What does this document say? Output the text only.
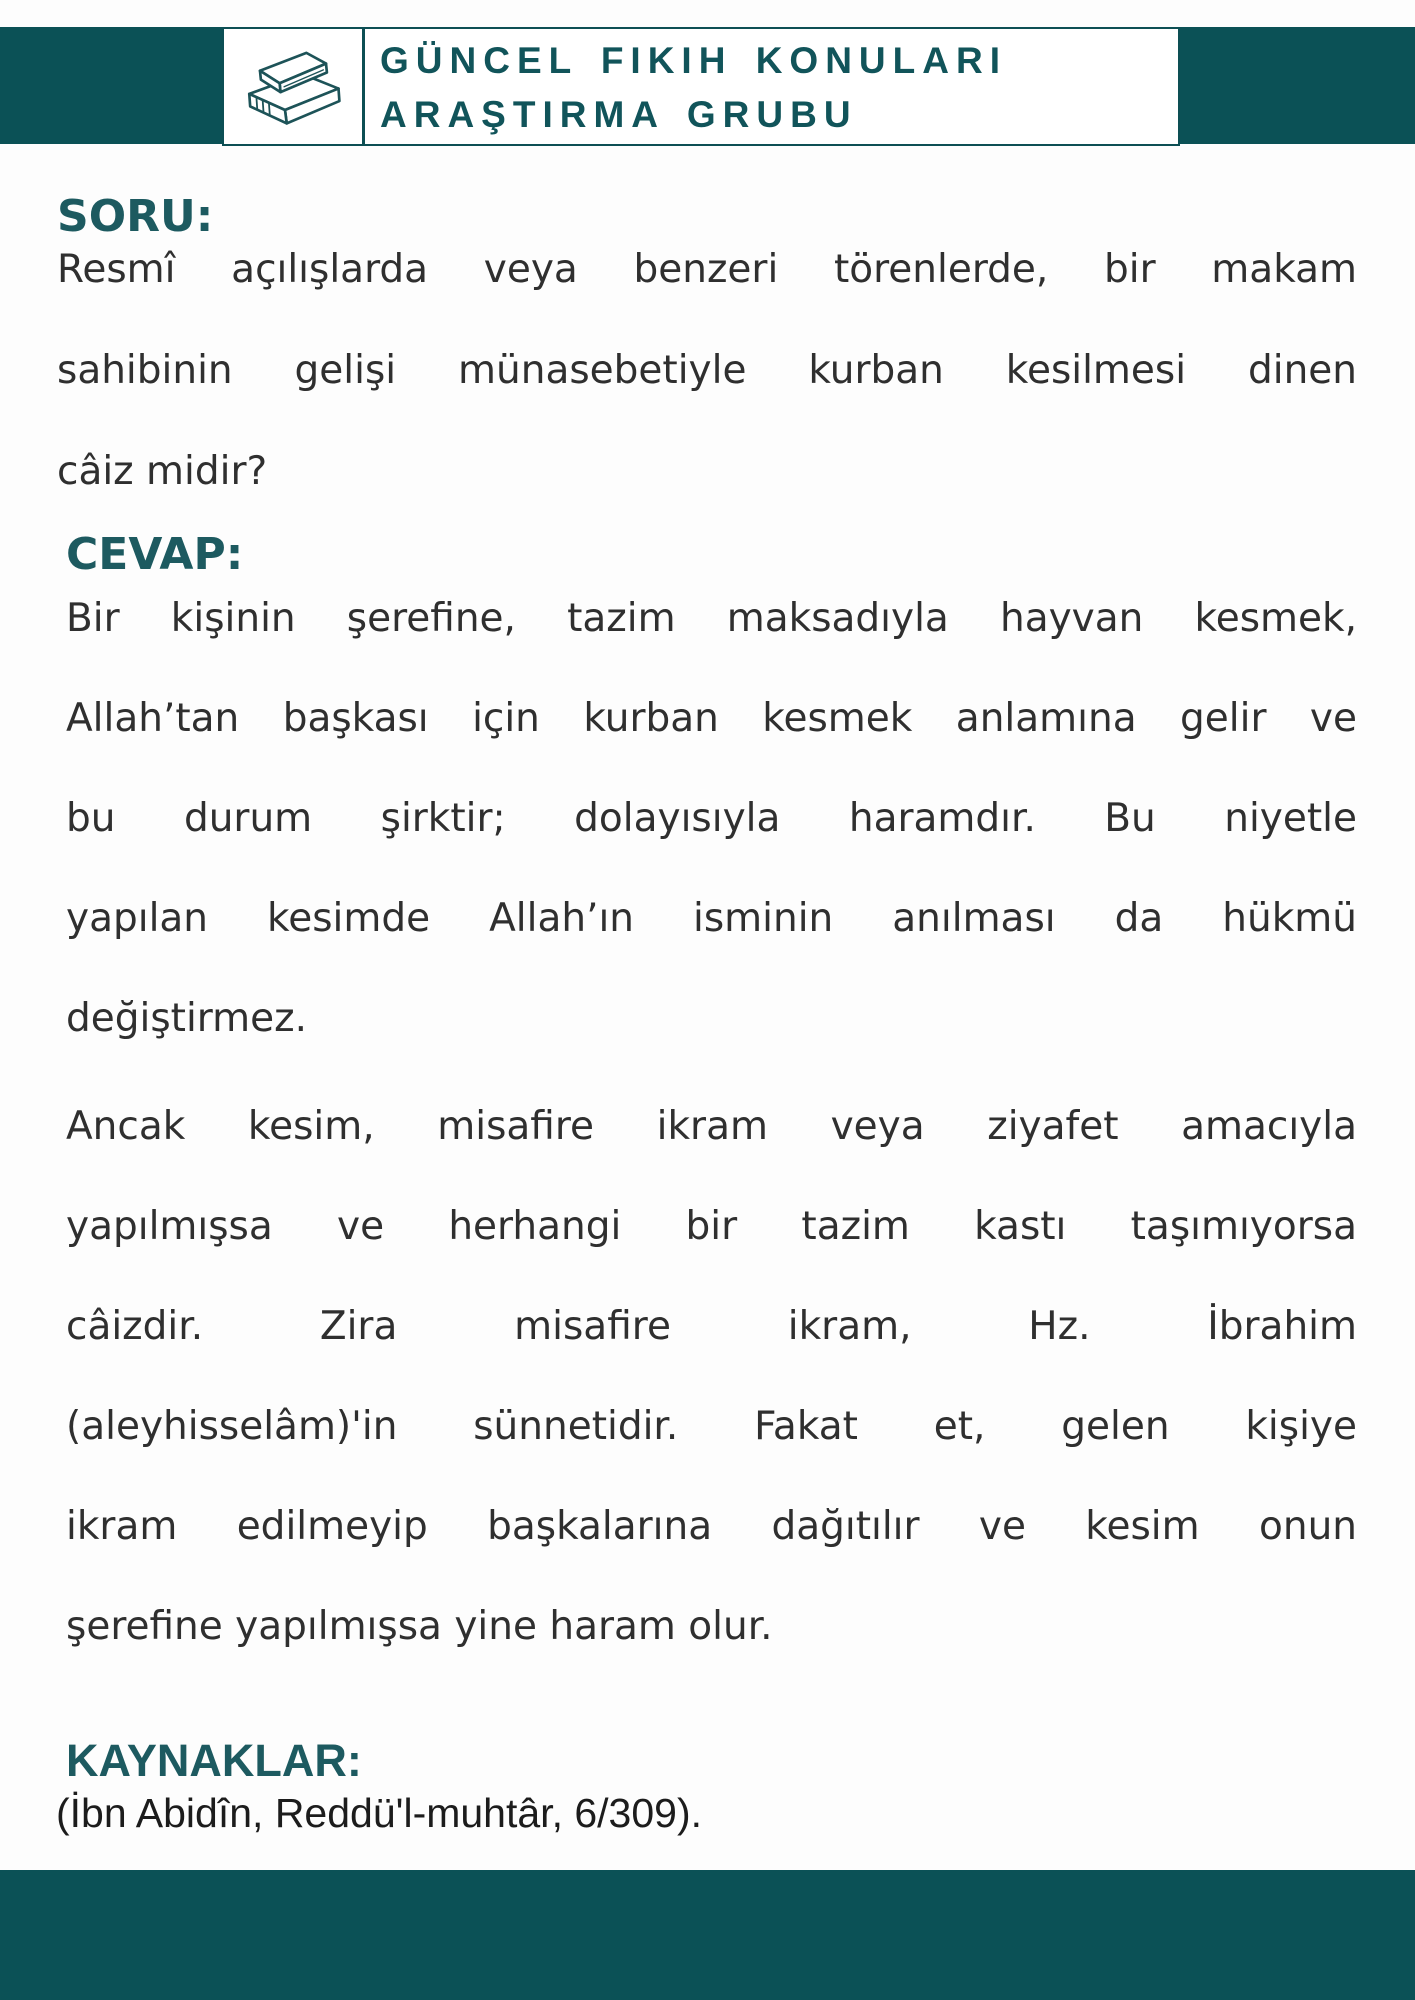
GÜNCEL FIKIH KONULARI
ARAŞTIRMA GRUBU
SORU:
Resmî açılışlarda veya benzeri törenlerde, bir makam
sahibinin gelişi münasebetiyle kurban kesilmesi dinen
câiz midir?
CEVAP:
Bir kişinin şerefine, tazim maksadıyla hayvan kesmek,
Allah’tan başkası için kurban kesmek anlamına gelir ve
bu durum şirktir; dolayısıyla haramdır. Bu niyetle
yapılan kesimde Allah’ın isminin anılması da hükmü
değiştirmez.
Ancak kesim, misafire ikram veya ziyafet amacıyla
yapılmışsa ve herhangi bir tazim kastı taşımıyorsa
câizdir. Zira misafire ikram, Hz. İbrahim
(aleyhisselâm)'in sünnetidir. Fakat et, gelen kişiye
ikram edilmeyip başkalarına dağıtılır ve kesim onun
şerefine yapılmışsa yine haram olur.
KAYNAKLAR:
(İbn Abidîn, Reddü'l-muhtâr, 6/309).
